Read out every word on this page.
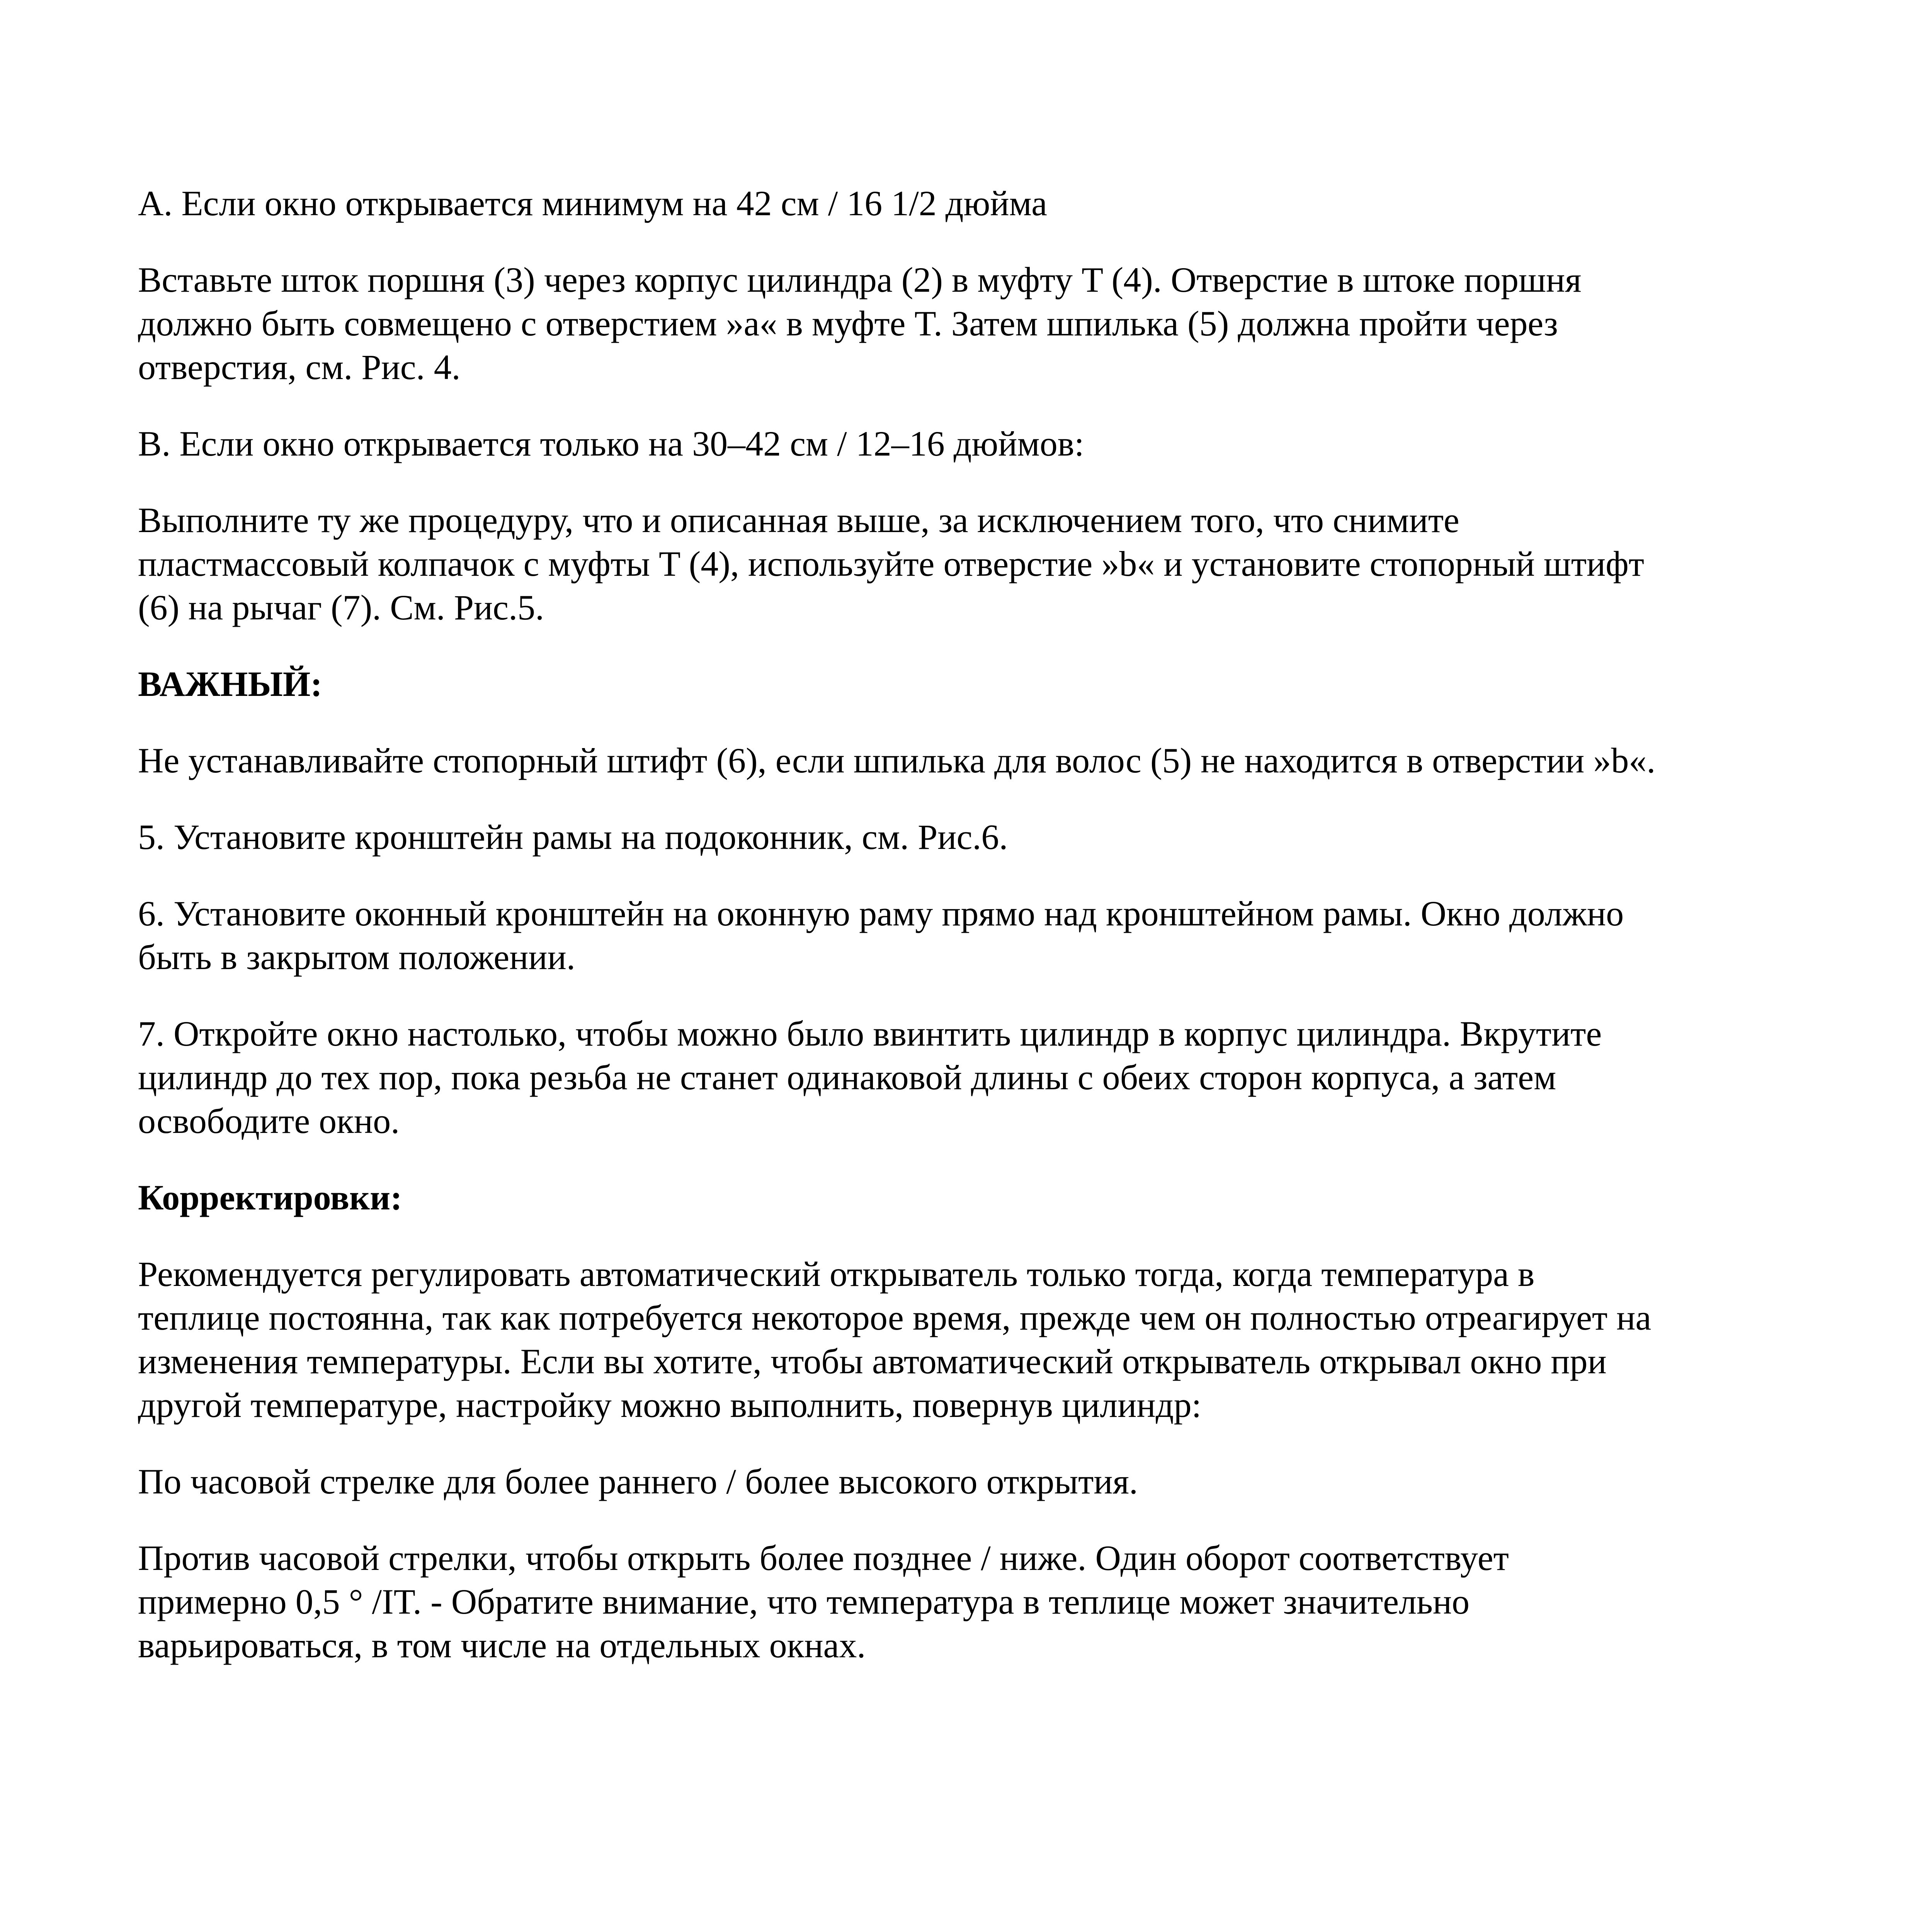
A. Если окно открывается минимум на 42 см / 16 1/2 дюйма

Вставьте шток поршня (3) через корпус цилиндра (2) в муфту T (4). Отверстие в штоке поршня
должно быть совмещено с отверстием »a« в муфте T. Затем шпилька (5) должна пройти через
отверстия, см. Рис. 4.

B. Если окно открывается только на 30–42 см / 12–16 дюймов:

Выполните ту же процедуру, что и описанная выше, за исключением того, что снимите
пластмассовый колпачок с муфты T (4), используйте отверстие »b« и установите стопорный штифт
(6) на рычаг (7). См. Рис.5.

ВАЖНЫЙ:

Не устанавливайте стопорный штифт (6), если шпилька для волос (5) не находится в отверстии »b«.

5. Установите кронштейн рамы на подоконник, см. Рис.6.

6. Установите оконный кронштейн на оконную раму прямо над кронштейном рамы. Окно должно
быть в закрытом положении.

7. Откройте окно настолько, чтобы можно было ввинтить цилиндр в корпус цилиндра. Вкрутите
цилиндр до тех пор, пока резьба не станет одинаковой длины с обеих сторон корпуса, а затем
освободите окно.

Корректировки:

Рекомендуется регулировать автоматический открыватель только тогда, когда температура в
теплице постоянна, так как потребуется некоторое время, прежде чем он полностью отреагирует на
изменения температуры. Если вы хотите, чтобы автоматический открыватель открывал окно при
другой температуре, настройку можно выполнить, повернув цилиндр:

По часовой стрелке для более раннего / более высокого открытия.

Против часовой стрелки, чтобы открыть более позднее / ниже. Один оборот соответствует
примерно 0,5 ° /IT. - Обратите внимание, что температура в теплице может значительно
варьироваться, в том числе на отдельных окнах.
